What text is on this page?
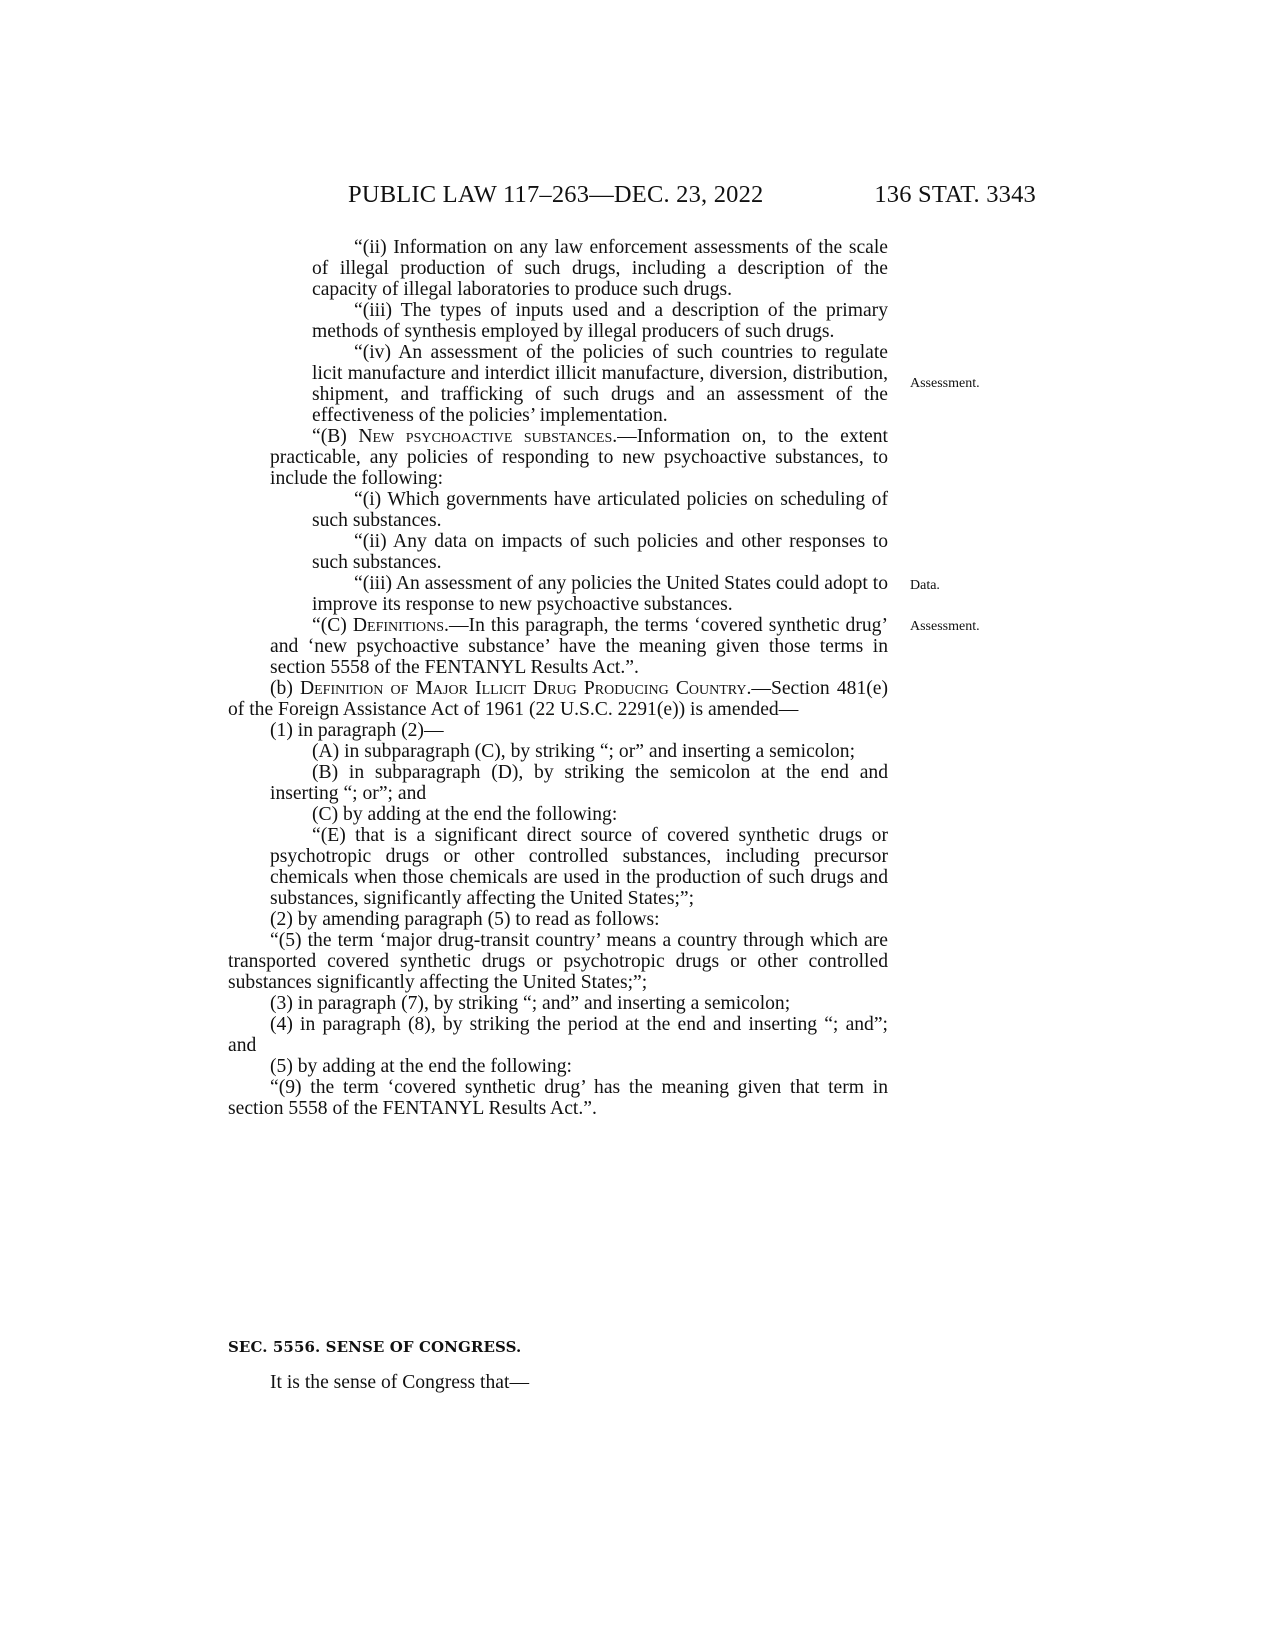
PUBLIC LAW 117–263—DEC. 23, 2022	136 STAT. 3343

“(ii) Information on any law enforcement assessments of the scale of illegal production of such drugs, including a description of the capacity of illegal laboratories to produce such drugs.

“(iii) The types of inputs used and a description of the primary methods of synthesis employed by illegal producers of such drugs.

“(iv) An assessment of the policies of such countries to regulate licit manufacture and interdict illicit manufacture, diversion, distribution, shipment, and trafficking of such drugs and an assessment of the effectiveness of the policies’ implementation.

“(B) New psychoactive substances.—Information on, to the extent practicable, any policies of responding to new psychoactive substances, to include the following:

“(i) Which governments have articulated policies on scheduling of such substances.

“(ii) Any data on impacts of such policies and other responses to such substances.

“(iii) An assessment of any policies the United States could adopt to improve its response to new psychoactive substances.

“(C) Definitions.—In this paragraph, the terms ‘covered synthetic drug’ and ‘new psychoactive substance’ have the meaning given those terms in section 5558 of the FENTANYL Results Act.”.

(b) Definition of Major Illicit Drug Producing Country.—Section 481(e) of the Foreign Assistance Act of 1961 (22 U.S.C. 2291(e)) is amended—

(1) in paragraph (2)—

(A) in subparagraph (C), by striking “; or” and inserting a semicolon;

(B) in subparagraph (D), by striking the semicolon at the end and inserting “; or”; and

(C) by adding at the end the following:

“(E) that is a significant direct source of covered synthetic drugs or psychotropic drugs or other controlled substances, including precursor chemicals when those chemicals are used in the production of such drugs and substances, significantly affecting the United States;”;

(2) by amending paragraph (5) to read as follows:

“(5) the term ‘major drug-transit country’ means a country through which are transported covered synthetic drugs or psychotropic drugs or other controlled substances significantly affecting the United States;”;

(3) in paragraph (7), by striking “; and” and inserting a semicolon;

(4) in paragraph (8), by striking the period at the end and inserting “; and”; and

(5) by adding at the end the following:

“(9) the term ‘covered synthetic drug’ has the meaning given that term in section 5558 of the FENTANYL Results Act.”.

Assessment.
Data.
Assessment.
SEC. 5556. SENSE OF CONGRESS.
It is the sense of Congress that—
